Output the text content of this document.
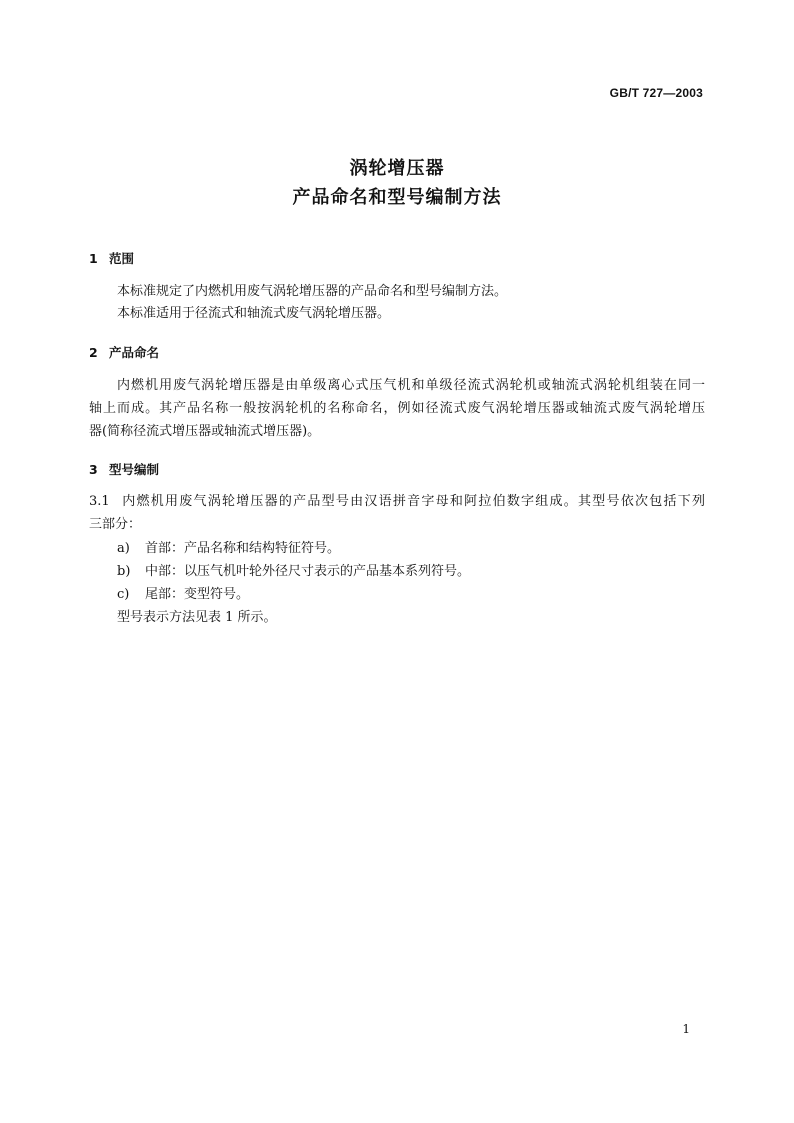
GB/T 727—2003
涡轮增压器
产品命名和型号编制方法
1 范围
本标准规定了内燃机用废气涡轮增压器的产品命名和型号编制方法。
本标准适用于径流式和轴流式废气涡轮增压器。
2 产品命名
内燃机用废气涡轮增压器是由单级离心式压气机和单级径流式涡轮机或轴流式涡轮机组装在同一
轴上而成。其产品名称一般按涡轮机的名称命名，例如径流式废气涡轮增压器或轴流式废气涡轮增压
器(简称径流式增压器或轴流式增压器)。
3 型号编制
3.1 内燃机用废气涡轮增压器的产品型号由汉语拼音字母和阿拉伯数字组成。其型号依次包括下列
三部分：
a) 首部：产品名称和结构特征符号。
b) 中部：以压气机叶轮外径尺寸表示的产品基本系列符号。
c) 尾部：变型符号。
型号表示方法见表 1 所示。
1
